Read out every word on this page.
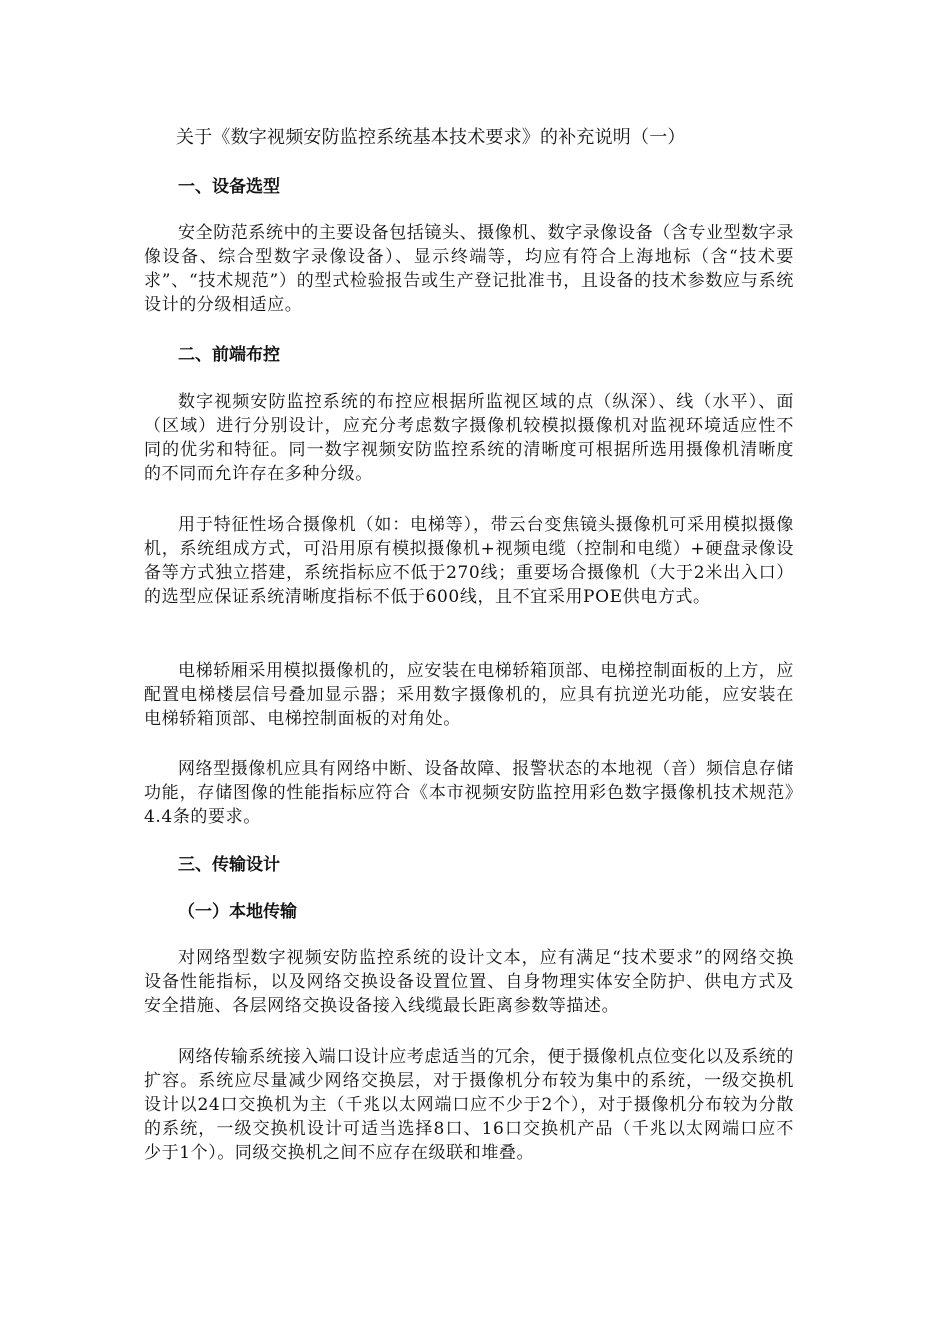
关于《数字视频安防监控系统基本技术要求》的补充说明（一）
一、设备选型

安全防范系统中的主要设备包括镜头、摄像机、数字录像设备（含专业型数字录像设备、综合型数字录像设备）、显示终端等，均应有符合上海地标（含“技术要求”、“技术规范”）的型式检验报告或生产登记批准书，且设备的技术参数应与系统设计的分级相适应。

二、前端布控

数字视频安防监控系统的布控应根据所监视区域的点（纵深）、线（水平）、面（区域）进行分别设计，应充分考虑数字摄像机较模拟摄像机对监视环境适应性不同的优劣和特征。同一数字视频安防监控系统的清晰度可根据所选用摄像机清晰度的不同而允许存在多种分级。

用于特征性场合摄像机（如：电梯等），带云台变焦镜头摄像机可采用模拟摄像机，系统组成方式，可沿用原有模拟摄像机+视频电缆（控制和电缆）+硬盘录像设备等方式独立搭建，系统指标应不低于270线；重要场合摄像机（大于2米出入口）的选型应保证系统清晰度指标不低于600线，且不宜采用POE供电方式。

电梯轿厢采用模拟摄像机的，应安装在电梯轿箱顶部、电梯控制面板的上方，应配置电梯楼层信号叠加显示器；采用数字摄像机的，应具有抗逆光功能，应安装在电梯轿箱顶部、电梯控制面板的对角处。

网络型摄像机应具有网络中断、设备故障、报警状态的本地视（音）频信息存储功能，存储图像的性能指标应符合《本市视频安防监控用彩色数字摄像机技术规范》4.4条的要求。

三、传输设计
（一）本地传输

对网络型数字视频安防监控系统的设计文本，应有满足“技术要求”的网络交换设备性能指标，以及网络交换设备设置位置、自身物理实体安全防护、供电方式及安全措施、各层网络交换设备接入线缆最长距离参数等描述。

网络传输系统接入端口设计应考虑适当的冗余，便于摄像机点位变化以及系统的扩容。系统应尽量减少网络交换层，对于摄像机分布较为集中的系统，一级交换机设计以24口交换机为主（千兆以太网端口应不少于2个），对于摄像机分布较为分散的系统，一级交换机设计可适当选择8口、16口交换机产品（千兆以太网端口应不少于1个）。同级交换机之间不应存在级联和堆叠。
